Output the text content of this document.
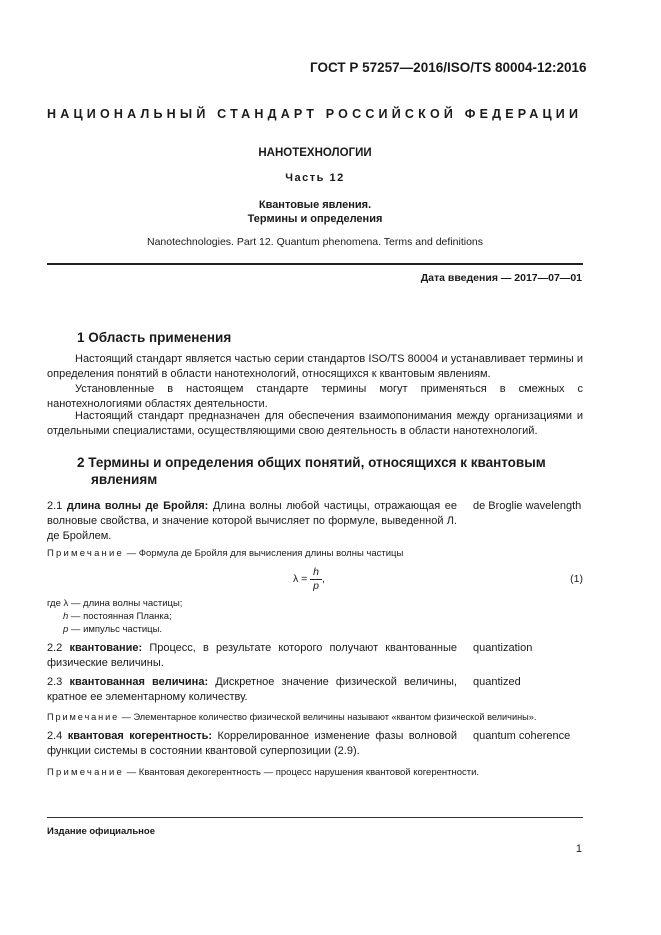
ГОСТ Р 57257—2016/ISO/TS 80004-12:2016
НАЦИОНАЛЬНЫЙ СТАНДАРТ РОССИЙСКОЙ ФЕДЕРАЦИИ
НАНОТЕХНОЛОГИИ
Часть 12
Квантовые явления.
Термины и определения
Nanotechnologies. Part 12. Quantum phenomena. Terms and definitions
Дата введения — 2017—07—01
1 Область применения

Настоящий стандарт является частью серии стандартов ISO/TS 80004 и устанавливает термины и определения понятий в области нанотехнологий, относящихся к квантовым явлениям.

Установленные в настоящем стандарте термины могут применяться в смежных с нанотехнологиями областях деятельности.

Настоящий стандарт предназначен для обеспечения взаимопонимания между организациями и отдельными специалистами, осуществляющими свою деятельность в области нанотехнологий.

2 Термины и определения общих понятий, относящихся к квантовым
явлениям

2.1 длина волны де Бройля: Длина волны любой частицы, отражающая ее волновые свойства, и значение которой вычисляет по формуле, выведенной Л. де Бройлем.

de Broglie wavelength
Примечание — Формула де Бройля для вычисления длины волны частицы
$\lambda = \frac{h}{p}$ ,	(1)
где λ — длина волны частицы;
h — постоянная Планка;
p — импульс частицы.

2.2 квантование: Процесс, в результате которого получают квантованные физические величины.

quantization

2.3 квантованная величина: Дискретное значение физической величины, кратное ее элементарному количеству.

quantized
Примечание — Элементарное количество физической величины называют «квантом физической величины».

2.4 квантовая когерентность: Коррелированное изменение фазы волновой функции системы в состоянии квантовой суперпозиции (2.9).

quantum coherence
Примечание — Квантовая декогерентность — процесс нарушения квантовой когерентности.
Издание официальное
1
